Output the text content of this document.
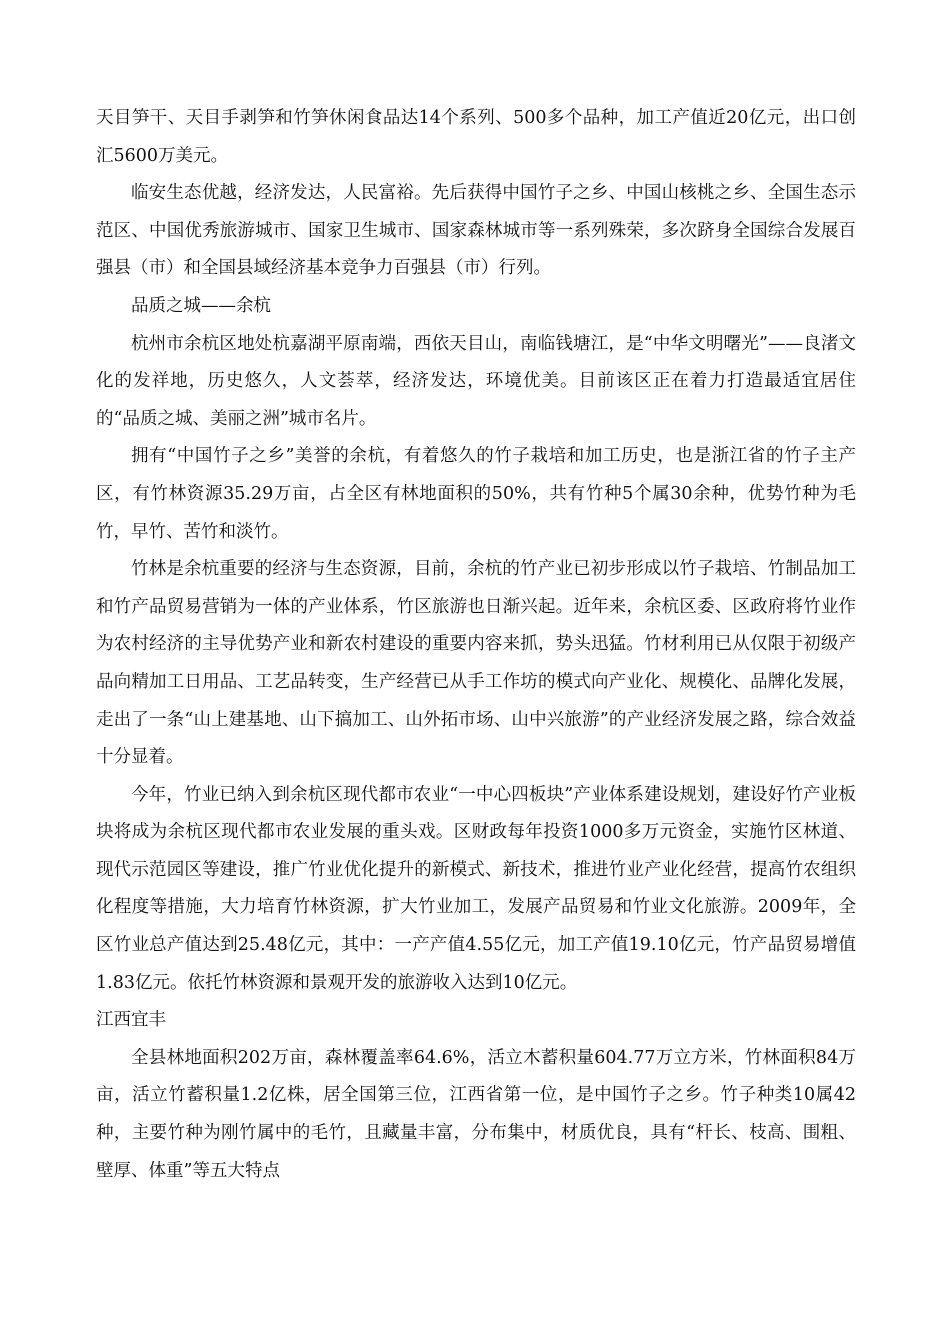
天目笋干、天目手剥笋和竹笋休闲食品达14个系列、500多个品种，加工产值近20亿元，出口创汇5600万美元。

临安生态优越，经济发达，人民富裕。先后获得中国竹子之乡、中国山核桃之乡、全国生态示范区、中国优秀旅游城市、国家卫生城市、国家森林城市等一系列殊荣，多次跻身全国综合发展百强县（市）和全国县域经济基本竞争力百强县（市）行列。

品质之城——余杭

杭州市余杭区地处杭嘉湖平原南端，西依天目山，南临钱塘江，是“中华文明曙光”——良渚文化的发祥地，历史悠久，人文荟萃，经济发达，环境优美。目前该区正在着力打造最适宜居住的“品质之城、美丽之洲”城市名片。

拥有“中国竹子之乡”美誉的余杭，有着悠久的竹子栽培和加工历史，也是浙江省的竹子主产区，有竹林资源35.29万亩，占全区有林地面积的50%，共有竹种5个属30余种，优势竹种为毛竹，早竹、苦竹和淡竹。

竹林是余杭重要的经济与生态资源，目前，余杭的竹产业已初步形成以竹子栽培、竹制品加工和竹产品贸易营销为一体的产业体系，竹区旅游也日渐兴起。近年来，余杭区委、区政府将竹业作为农村经济的主导优势产业和新农村建设的重要内容来抓，势头迅猛。竹材利用已从仅限于初级产品向精加工日用品、工艺品转变，生产经营已从手工作坊的模式向产业化、规模化、品牌化发展，走出了一条“山上建基地、山下搞加工、山外拓市场、山中兴旅游”的产业经济发展之路，综合效益十分显着。

今年，竹业已纳入到余杭区现代都市农业“一中心四板块”产业体系建设规划，建设好竹产业板块将成为余杭区现代都市农业发展的重头戏。区财政每年投资1000多万元资金，实施竹区林道、现代示范园区等建设，推广竹业优化提升的新模式、新技术，推进竹业产业化经营，提高竹农组织化程度等措施，大力培育竹林资源，扩大竹业加工，发展产品贸易和竹业文化旅游。2009年，全区竹业总产值达到25.48亿元，其中：一产产值4.55亿元，加工产值19.10亿元，竹产品贸易增值1.83亿元。依托竹林资源和景观开发的旅游收入达到10亿元。

江西宜丰

全县林地面积202万亩，森林覆盖率64.6%，活立木蓄积量604.77万立方米，竹林面积84万亩，活立竹蓄积量1.2亿株，居全国第三位，江西省第一位，是中国竹子之乡。竹子种类10属42种，主要竹种为刚竹属中的毛竹，且藏量丰富，分布集中，材质优良，具有“杆长、枝高、围粗、壁厚、体重”等五大特点
